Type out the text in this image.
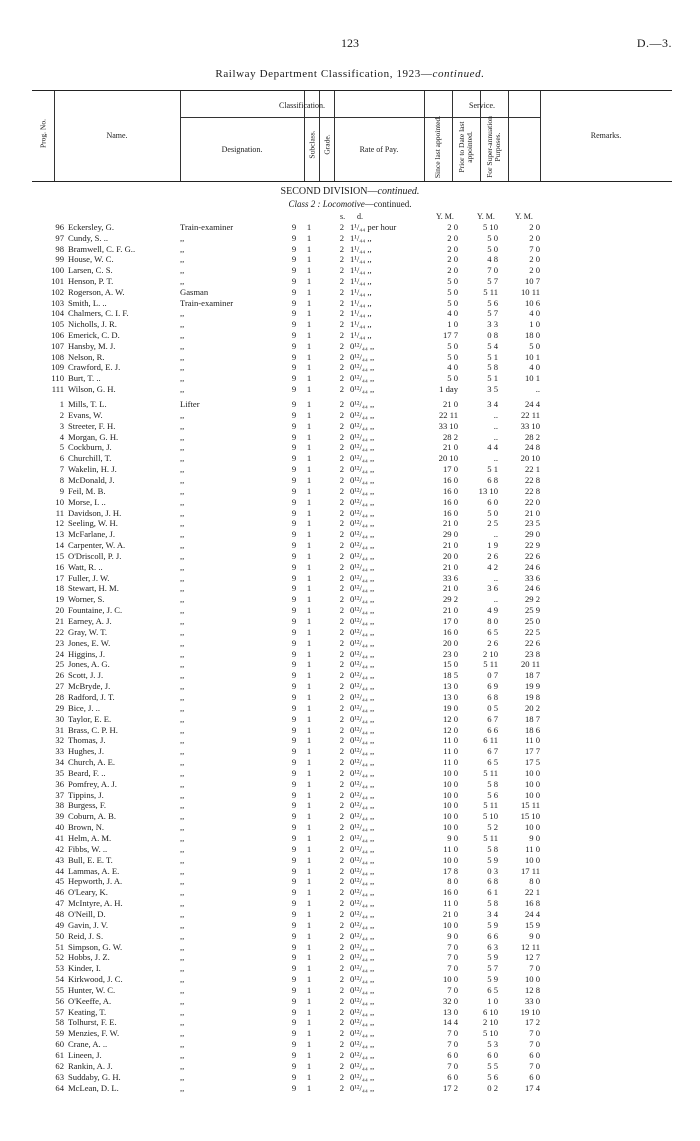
123	D.—3.
Railway Department Classification, 1923—continued.
Prog. No.	Name.
Classification.
Designation.	Subclass. Grade.	Rate of Pay.
Service.
Since last appointed. Prior to Date last appointed. For Super-annuation Purposes.	Remarks.
SECOND DIVISION—continued.
Class 2 : Locomotive—continued.
s. d.	Y. M.	Y. M.	Y. M.
96 Eckersley, G.	Train-examiner	9	1	2 1¹/₄₄ per hour	2 0	5 10	2 0
97 Cundy, S. ..	,,	9	1	2 1¹/₄₄ ,,	2 0	5 0	2 0
98 Bramwell, C. F. G..	,,	9	1	2 1¹/₄₄ ,,	2 0	5 0	7 0
99 House, W. C.	,,	9	1	2 1¹/₄₄ ,,	2 0	4 8	2 0
100 Larsen, C. S.	,,	9	1	2 1¹/₄₄ ,,	2 0	7 0	2 0
101 Henson, P. T.	,,	9	1	2 1¹/₄₄ ,,	5 0	5 7	10 7
102 Rogerson, A. W.	Gasman	9	1	2 1¹/₄₄ ,,	5 0	5 11	10 11
103 Smith, L. ..	Train-examiner	9	1	2 1¹/₄₄ ,,	5 0	5 6	10 6
104 Chalmers, C. I. F.	,,	9	1	2 1¹/₄₄ ,,	4 0	5 7	4 0
105 Nicholls, J. R.	,,	9	1	2 1¹/₄₄ ,,	1 0	3 3	1 0
106 Emerick, C. D.	,,	9	1	2 1¹/₄₄ ,,	17 7	0 8	18 0
107 Hansby, M. J.	,,	9	1	2 0¹²/₄₄ ,,	5 0	5 4	5 0
108 Nelson, R.	,,	9	1	2 0¹²/₄₄ ,,	5 0	5 1	10 1
109 Crawford, E. J.	,,	9	1	2 0¹²/₄₄ ,,	4 0	5 8	4 0
110 Burt, T. ..	,,	9	1	2 0¹²/₄₄ ,,	5 0	5 1	10 1
111 Wilson, G. H.	,,	9	1	2 0¹²/₄₄ ,,	1 day	3 5	..
1 Mills, T. L.	Lifter	9	1	2 0¹²/₄₄ ,,	21 0	3 4	24 4
2 Evans, W.	,,	9	1	2 0¹²/₄₄ ,,	22 11	..	22 11
3 Streeter, F. H.	,,	9	1	2 0¹²/₄₄ ,,	33 10	..	33 10
4 Morgan, G. H.	,,	9	1	2 0¹²/₄₄ ,,	28 2	..	28 2
5 Cockburn, J.	,,	9	1	2 0¹²/₄₄ ,,	21 0	4 4	24 8
6 Churchill, T.	,,	9	1	2 0¹²/₄₄ ,,	20 10	..	20 10
7 Wakelin, H. J.	,,	9	1	2 0¹²/₄₄ ,,	17 0	5 1	22 1
8 McDonald, J.	,,	9	1	2 0¹²/₄₄ ,,	16 0	6 8	22 8
9 Feil, M. B.	,,	9	1	2 0¹²/₄₄ ,,	16 0	13 10	22 8
10 Morse, I. ..	,,	9	1	2 0¹²/₄₄ ,,	16 0	6 0	22 0
11 Davidson, J. H.	,,	9	1	2 0¹²/₄₄ ,,	16 0	5 0	21 0
12 Seeling, W. H.	,,	9	1	2 0¹²/₄₄ ,,	21 0	2 5	23 5
13 McFarlane, J.	,,	9	1	2 0¹²/₄₄ ,,	29 0	..	29 0
14 Carpenter, W. A.	,,	9	1	2 0¹²/₄₄ ,,	21 0	1 9	22 9
15 O'Driscoll, P. J.	,,	9	1	2 0¹²/₄₄ ,,	20 0	2 6	22 6
16 Watt, R. ..	,,	9	1	2 0¹²/₄₄ ,,	21 0	4 2	24 6
17 Fuller, J. W.	,,	9	1	2 0¹²/₄₄ ,,	33 6	..	33 6
18 Stewart, H. M.	,,	9	1	2 0¹²/₄₄ ,,	21 0	3 6	24 6
19 Worner, S.	,,	9	1	2 0¹²/₄₄ ,,	29 2	..	29 2
20 Fountaine, J. C.	,,	9	1	2 0¹²/₄₄ ,,	21 0	4 9	25 9
21 Earney, A. J.	,,	9	1	2 0¹²/₄₄ ,,	17 0	8 0	25 0
22 Gray, W. T.	,,	9	1	2 0¹²/₄₄ ,,	16 0	6 5	22 5
23 Jones, E. W.	,,	9	1	2 0¹²/₄₄ ,,	20 0	2 6	22 6
24 Higgins, J.	,,	9	1	2 0¹²/₄₄ ,,	23 0	2 10	23 8
25 Jones, A. G.	,,	9	1	2 0¹²/₄₄ ,,	15 0	5 11	20 11
26 Scott, J. J.	,,	9	1	2 0¹²/₄₄ ,,	18 5	0 7	18 7
27 McBryde, J.	,,	9	1	2 0¹²/₄₄ ,,	13 0	6 9	19 9
28 Radford, J. T.	,,	9	1	2 0¹²/₄₄ ,,	13 0	6 8	19 8
29 Bice, J. ..	,,	9	1	2 0¹²/₄₄ ,,	19 0	0 5	20 2
30 Taylor, E. E.	,,	9	1	2 0¹²/₄₄ ,,	12 0	6 7	18 7
31 Brass, C. P. H.	,,	9	1	2 0¹²/₄₄ ,,	12 0	6 6	18 6
32 Thomas, J.	,,	9	1	2 0¹²/₄₄ ,,	11 0	6 11	11 0
33 Hughes, J.	,,	9	1	2 0¹²/₄₄ ,,	11 0	6 7	17 7
34 Church, A. E.	,,	9	1	2 0¹²/₄₄ ,,	11 0	6 5	17 5
35 Beard, F. ..	,,	9	1	2 0¹²/₄₄ ,,	10 0	5 11	10 0
36 Pomfrey, A. J.	,,	9	1	2 0¹²/₄₄ ,,	10 0	5 8	10 0
37 Tippins, J.	,,	9	1	2 0¹²/₄₄ ,,	10 0	5 6	10 0
38 Burgess, F.	,,	9	1	2 0¹²/₄₄ ,,	10 0	5 11	15 11
39 Coburn, A. B.	,,	9	1	2 0¹²/₄₄ ,,	10 0	5 10	15 10
40 Brown, N.	,,	9	1	2 0¹²/₄₄ ,,	10 0	5 2	10 0
41 Helm, A. M.	,,	9	1	2 0¹²/₄₄ ,,	9 0	5 11	9 0
42 Fibbs, W. ..	,,	9	1	2 0¹²/₄₄ ,,	11 0	5 8	11 0
43 Bull, E. E. T.	,,	9	1	2 0¹²/₄₄ ,,	10 0	5 9	10 0
44 Lammas, A. E.	,,	9	1	2 0¹²/₄₄ ,,	17 8	0 3	17 11
45 Hepworth, J. A.	,,	9	1	2 0¹²/₄₄ ,,	8 0	6 8	8 0
46 O'Leary, K.	,,	9	1	2 0¹²/₄₄ ,,	16 0	6 1	22 1
47 McIntyre, A. H.	,,	9	1	2 0¹²/₄₄ ,,	11 0	5 8	16 8
48 O'Neill, D.	,,	9	1	2 0¹²/₄₄ ,,	21 0	3 4	24 4
49 Gavin, J. V.	,,	9	1	2 0¹²/₄₄ ,,	10 0	5 9	15 9
50 Reid, J. S.	,,	9	1	2 0¹²/₄₄ ,,	9 0	6 6	9 0
51 Simpson, G. W.	,,	9	1	2 0¹²/₄₄ ,,	7 0	6 3	12 11
52 Hobbs, J. Z.	,,	9	1	2 0¹²/₄₄ ,,	7 0	5 9	12 7
53 Kinder, I.	,,	9	1	2 0¹²/₄₄ ,,	7 0	5 7	7 0
54 Kirkwood, J. C.	,,	9	1	2 0¹²/₄₄ ,,	10 0	5 9	10 0
55 Hunter, W. C.	,,	9	1	2 0¹²/₄₄ ,,	7 0	6 5	12 8
56 O'Keeffe, A.	,,	9	1	2 0¹²/₄₄ ,,	32 0	1 0	33 0
57 Keating, T.	,,	9	1	2 0¹²/₄₄ ,,	13 0	6 10	19 10
58 Tolhurst, F. E.	,,	9	1	2 0¹²/₄₄ ,,	14 4	2 10	17 2
59 Menzies, F. W.	,,	9	1	2 0¹²/₄₄ ,,	7 0	5 10	7 0
60 Crane, A. ..	,,	9	1	2 0¹²/₄₄ ,,	7 0	5 3	7 0
61 Lineen, J.	,,	9	1	2 0¹²/₄₄ ,,	6 0	6 0	6 0
62 Rankin, A. J.	,,	9	1	2 0¹²/₄₄ ,,	7 0	5 5	7 0
63 Suddaby, G. H.	,,	9	1	2 0¹²/₄₄ ,,	6 0	5 6	6 0
64 McLean, D. L.	,,	9	1	2 0¹²/₄₄ ,,	17 2	0 2	17 4
